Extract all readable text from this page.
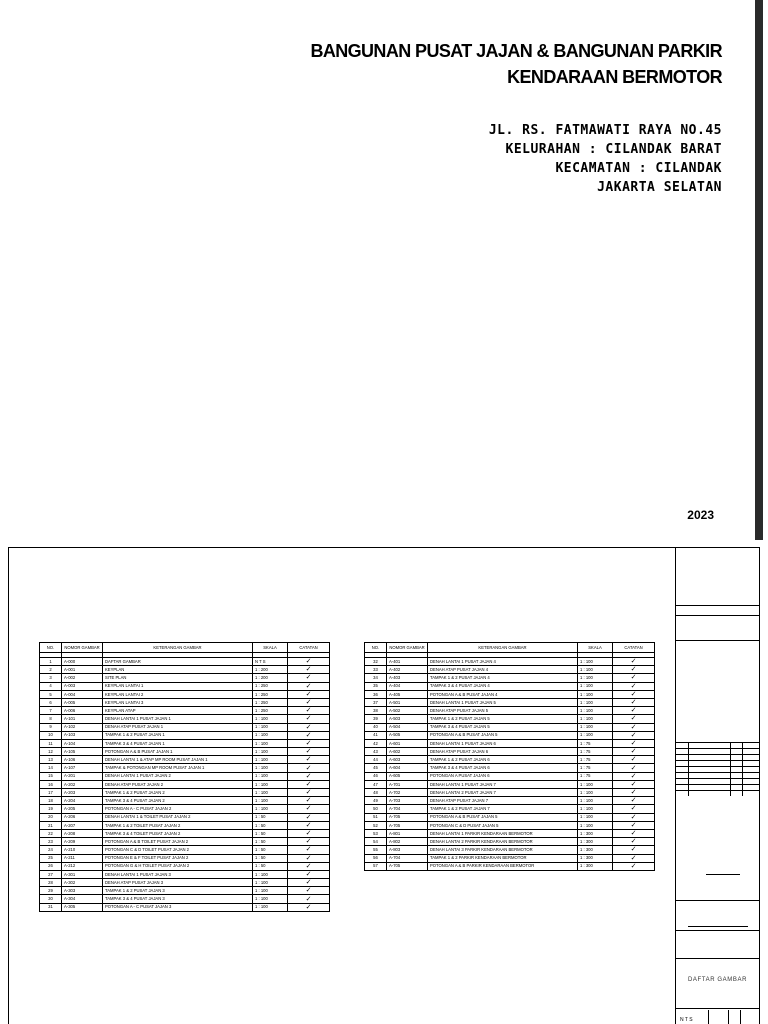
BANGUNAN PUSAT JAJAN & BANGUNAN PARKIR
KENDARAAN BERMOTOR
JL. RS. FATMAWATI RAYA NO.45
KELURAHAN : CILANDAK BARAT
KECAMATAN : CILANDAK
JAKARTA SELATAN
2023
DAFTAR GAMBAR
N T S
NO.	NOMOR GAMBAR	KETERANGAN GAMBAR	SKALA	CATATAN

1	A-000	DAFTAR GAMBAR	N T S	✓
2	A-001	KEYPLAN	1 : 200	✓
3	A-002	SITE PLAN	1 : 200	✓
4	A-003	KEYPLAN LANTAI 1	1 : 250	✓
5	A-004	KEYPLAN LANTAI 2	1 : 250	✓
6	A-005	KEYPLAN LANTAI 3	1 : 250	✓
7	A-006	KEYPLAN ATAP	1 : 250	✓
8	A-101	DENAH LANTAI 1 PUSAT JAJAN 1	1 : 100	✓
9	A-102	DENAH ATAP PUSAT JAJAN 1	1 : 100	✓
10	A-103	TAMPAK 1 & 2 PUSAT JAJAN 1	1 : 100	✓
11	A-104	TAMPAK 3 & 4 PUSAT JAJAN 1	1 : 100	✓
12	A-105	POTONGAN A & B PUSAT JAJAN 1	1 : 100	✓
13	A-106	DENAH LANTAI 1 & ATAP MP ROOM PUSAT JAJAN 1	1 : 100	✓
14	A-107	TAMPAK & POTONGAN MP ROOM PUSAT JAJAN 1	1 : 100	✓
15	A-201	DENAH LANTAI 1 PUSAT JAJAN 2	1 : 100	✓
16	A-202	DENAH ATAP PUSAT JAJAN 2	1 : 100	✓
17	A-203	TAMPAK 1 & 2 PUSAT JAJAN 2	1 : 100	✓
18	A-204	TAMPAK 3 & 4 PUSAT JAJAN 2	1 : 100	✓
19	A-205	POTONGAN A - C PUSAT JAJAN 2	1 : 100	✓
20	A-206	DENAH LANTAI 1 & TOILET PUSAT JAJAN 2	1 : 50	✓
21	A-207	TAMPAK 1 & 2 TOILET PUSAT JAJAN 2	1 : 50	✓
22	A-208	TAMPAK 3 & 4 TOILET PUSAT JAJAN 2	1 : 50	✓
23	A-209	POTONGAN A & B TOILET PUSAT JAJAN 2	1 : 50	✓
24	A-210	POTONGAN C & D TOILET PUSAT JAJAN 2	1 : 50	✓
25	A-211	POTONGAN E & F TOILET PUSAT JAJAN 2	1 : 50	✓
26	A-212	POTONGAN G & H TOILET PUSAT JAJAN 2	1 : 50	✓
27	A-301	DENAH LANTAI 1 PUSAT JAJAN 3	1 : 100	✓
28	A-302	DENAH ATAP PUSAT JAJAN 3	1 : 100	✓
29	A-303	TAMPAK 1 & 2 PUSAT JAJAN 3	1 : 100	✓
30	A-304	TAMPAK 3 & 4 PUSAT JAJAN 3	1 : 100	✓
31	A-305	POTONGAN A - C PUSAT JAJAN 3	1 : 100	✓
NO.	NOMOR GAMBAR	KETERANGAN GAMBAR	SKALA	CATATAN

32	A-401	DENAH LANTAI 1 PUSAT JAJAN 4	1 : 100	✓
33	A-402	DENAH ATAP PUSAT JAJAN 4	1 : 100	✓
34	A-403	TAMPAK 1 & 2 PUSAT JAJAN 4	1 : 100	✓
35	A-404	TAMPAK 3 & 4 PUSAT JAJAN 4	1 : 100	✓
36	A-405	POTONGAN A & B PUSAT JAJAN 4	1 : 100	✓
37	A-501	DENAH LANTAI 1 PUSAT JAJAN 5	1 : 100	✓
38	A-502	DENAH ATAP PUSAT JAJAN 5	1 : 100	✓
39	A-503	TAMPAK 1 & 2 PUSAT JAJAN 5	1 : 100	✓
40	A-504	TAMPAK 3 & 4 PUSAT JAJAN 5	1 : 100	✓
41	A-505	POTONGAN A & B PUSAT JAJAN 5	1 : 100	✓
42	A-601	DENAH LANTAI 1 PUSAT JAJAN 6	1 : 75	✓
43	A-602	DENAH ATAP PUSAT JAJAN 6	1 : 75	✓
44	A-603	TAMPAK 1 & 2 PUSAT JAJAN 6	1 : 75	✓
45	A-604	TAMPAK 3 & 4 PUSAT JAJAN 6	1 : 75	✓
46	A-605	POTONGAN A PUSAT JAJAN 6	1 : 75	✓
47	A-701	DENAH LANTAI 1 PUSAT JAJAN 7	1 : 100	✓
48	A-702	DENAH LANTAI 2 PUSAT JAJAN 7	1 : 100	✓
49	A-703	DENAH ATAP PUSAT JAJAN 7	1 : 100	✓
50	A-704	TAMPAK 1 & 2 PUSAT JAJAN 7	1 : 100	✓
51	A-705	POTONGAN A & B PUSAT JAJAN 5	1 : 100	✓
52	A-705	POTONGAN C & D PUSAT JAJAN 5	1 : 100	✓
53	A-801	DENAH LANTAI 1 PARKIR KENDARAAN BERMOTOR	1 : 300	✓
54	A-802	DENAH LANTAI 2 PARKIR KENDARAAN BERMOTOR	1 : 300	✓
55	A-803	DENAH LANTAI 3 PARKIR KENDARAAN BERMOTOR	1 : 300	✓
56	A-704	TAMPAK 1 & 2 PARKIR KENDARAAN BERMOTOR	1 : 300	✓
57	A-705	POTONGAN A & B PARKIR KENDARAAN BERMOTOR	1 : 300	✓
